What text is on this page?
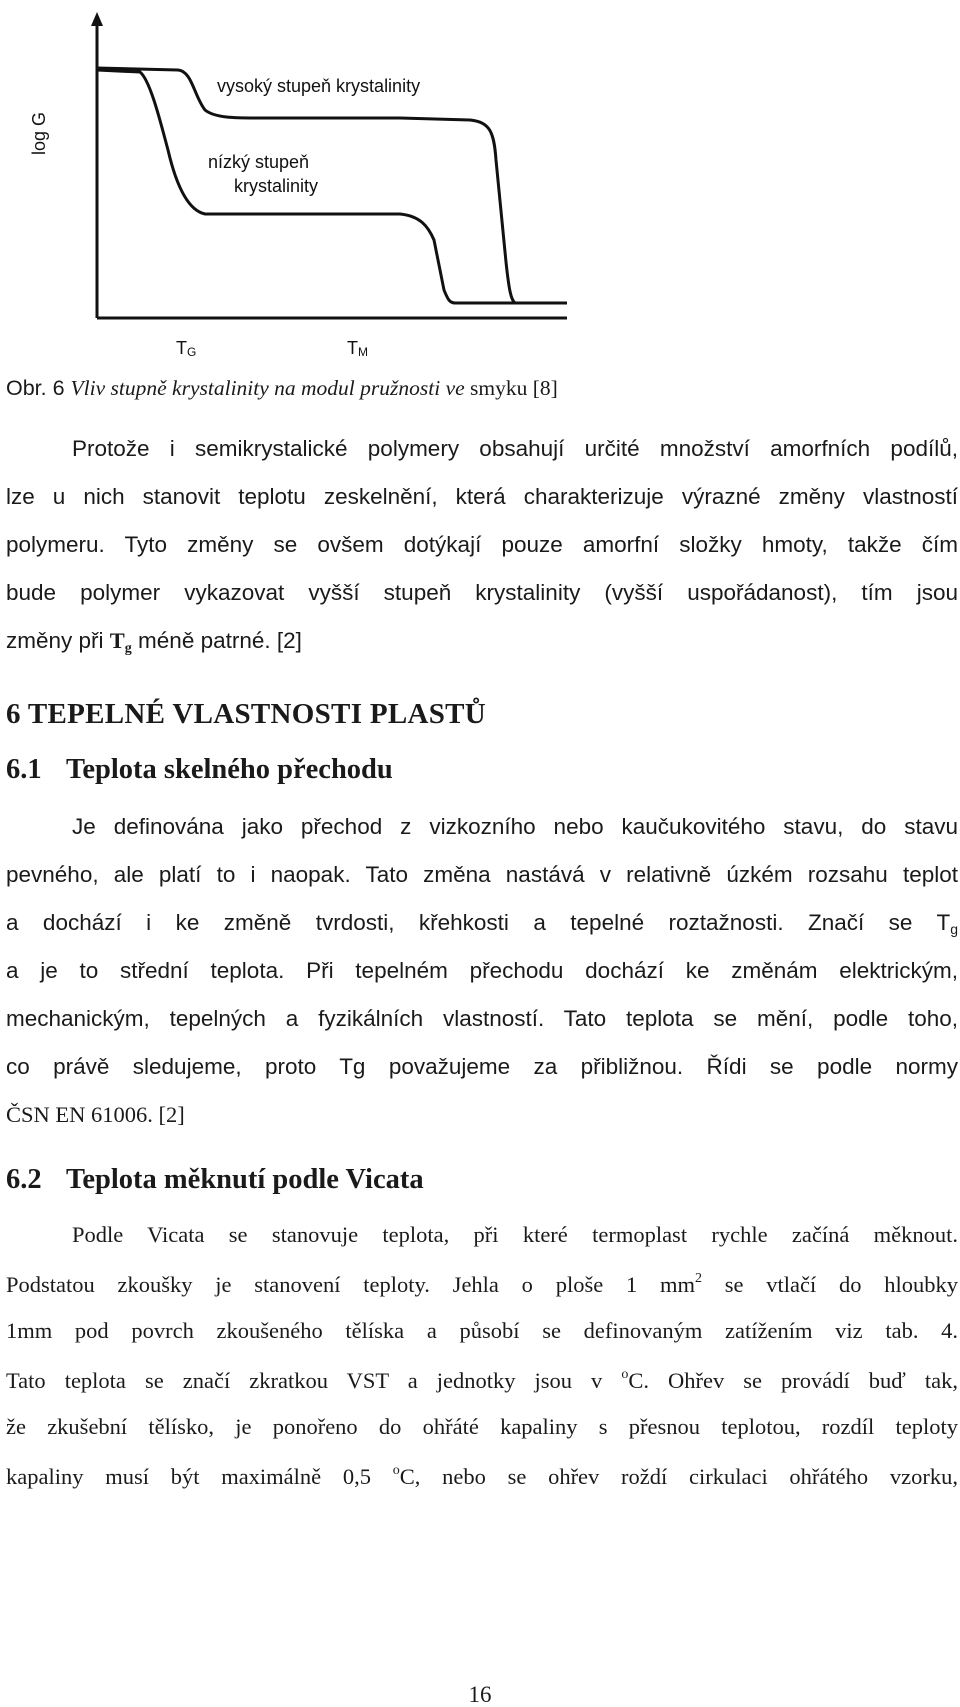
log G
vysoký stupeň krystalinity
nízký stupeň
krystalinity
TG	TM
Obr. 6 Vliv stupně krystalinity na modul pružnosti ve smyku [8]
Protože i semikrystalické polymery obsahují určité množství amorfních podílů,
lze u nich stanovit teplotu zeskelnění, která charakterizuje výrazné změny vlastností
polymeru. Tyto změny se ovšem dotýkají pouze amorfní složky hmoty, takže čím
bude polymer vykazovat vyšší stupeň krystalinity (vyšší uspořádanost), tím jsou
změny při $T_g$ méně patrné. [2]
6 TEPELNÉ VLASTNOSTI PLASTŮ
6.1 Teplota skelného přechodu
Je definována jako přechod z vizkozního nebo kaučukovitého stavu, do stavu
pevného, ale platí to i naopak. Tato změna nastává v relativně úzkém rozsahu teplot
a dochází i ke změně tvrdosti, křehkosti a tepelné roztažnosti. Značí se $T_g$
a je to střední teplota. Při tepelném přechodu dochází ke změnám elektrickým,
mechanickým, tepelných a fyzikálních vlastností. Tato teplota se mění, podle toho,
co právě sledujeme, proto Tg považujeme za přibližnou. Řídi se podle normy
ČSN EN 61006. [2]
6.2 Teplota měknutí podle Vicata
Podle Vicata se stanovuje teplota, při které termoplast rychle začíná měknout.
Podstatou zkoušky je stanovení teploty. Jehla o ploše 1 $mm^2$ se vtlačí do hloubky
1mm pod povrch zkoušeného tělíska a působí se definovaným zatížením viz tab. 4.
Tato teplota se značí zkratkou VST a jednotky jsou v $^o$C. Ohřev se provádí buď tak,
že zkušební tělísko, je ponořeno do ohřáté kapaliny s přesnou teplotou, rozdíl teploty
kapaliny musí být maximálně 0,5 $^o$C, nebo se ohřev roždí cirkulaci ohřátého vzorku,
16
